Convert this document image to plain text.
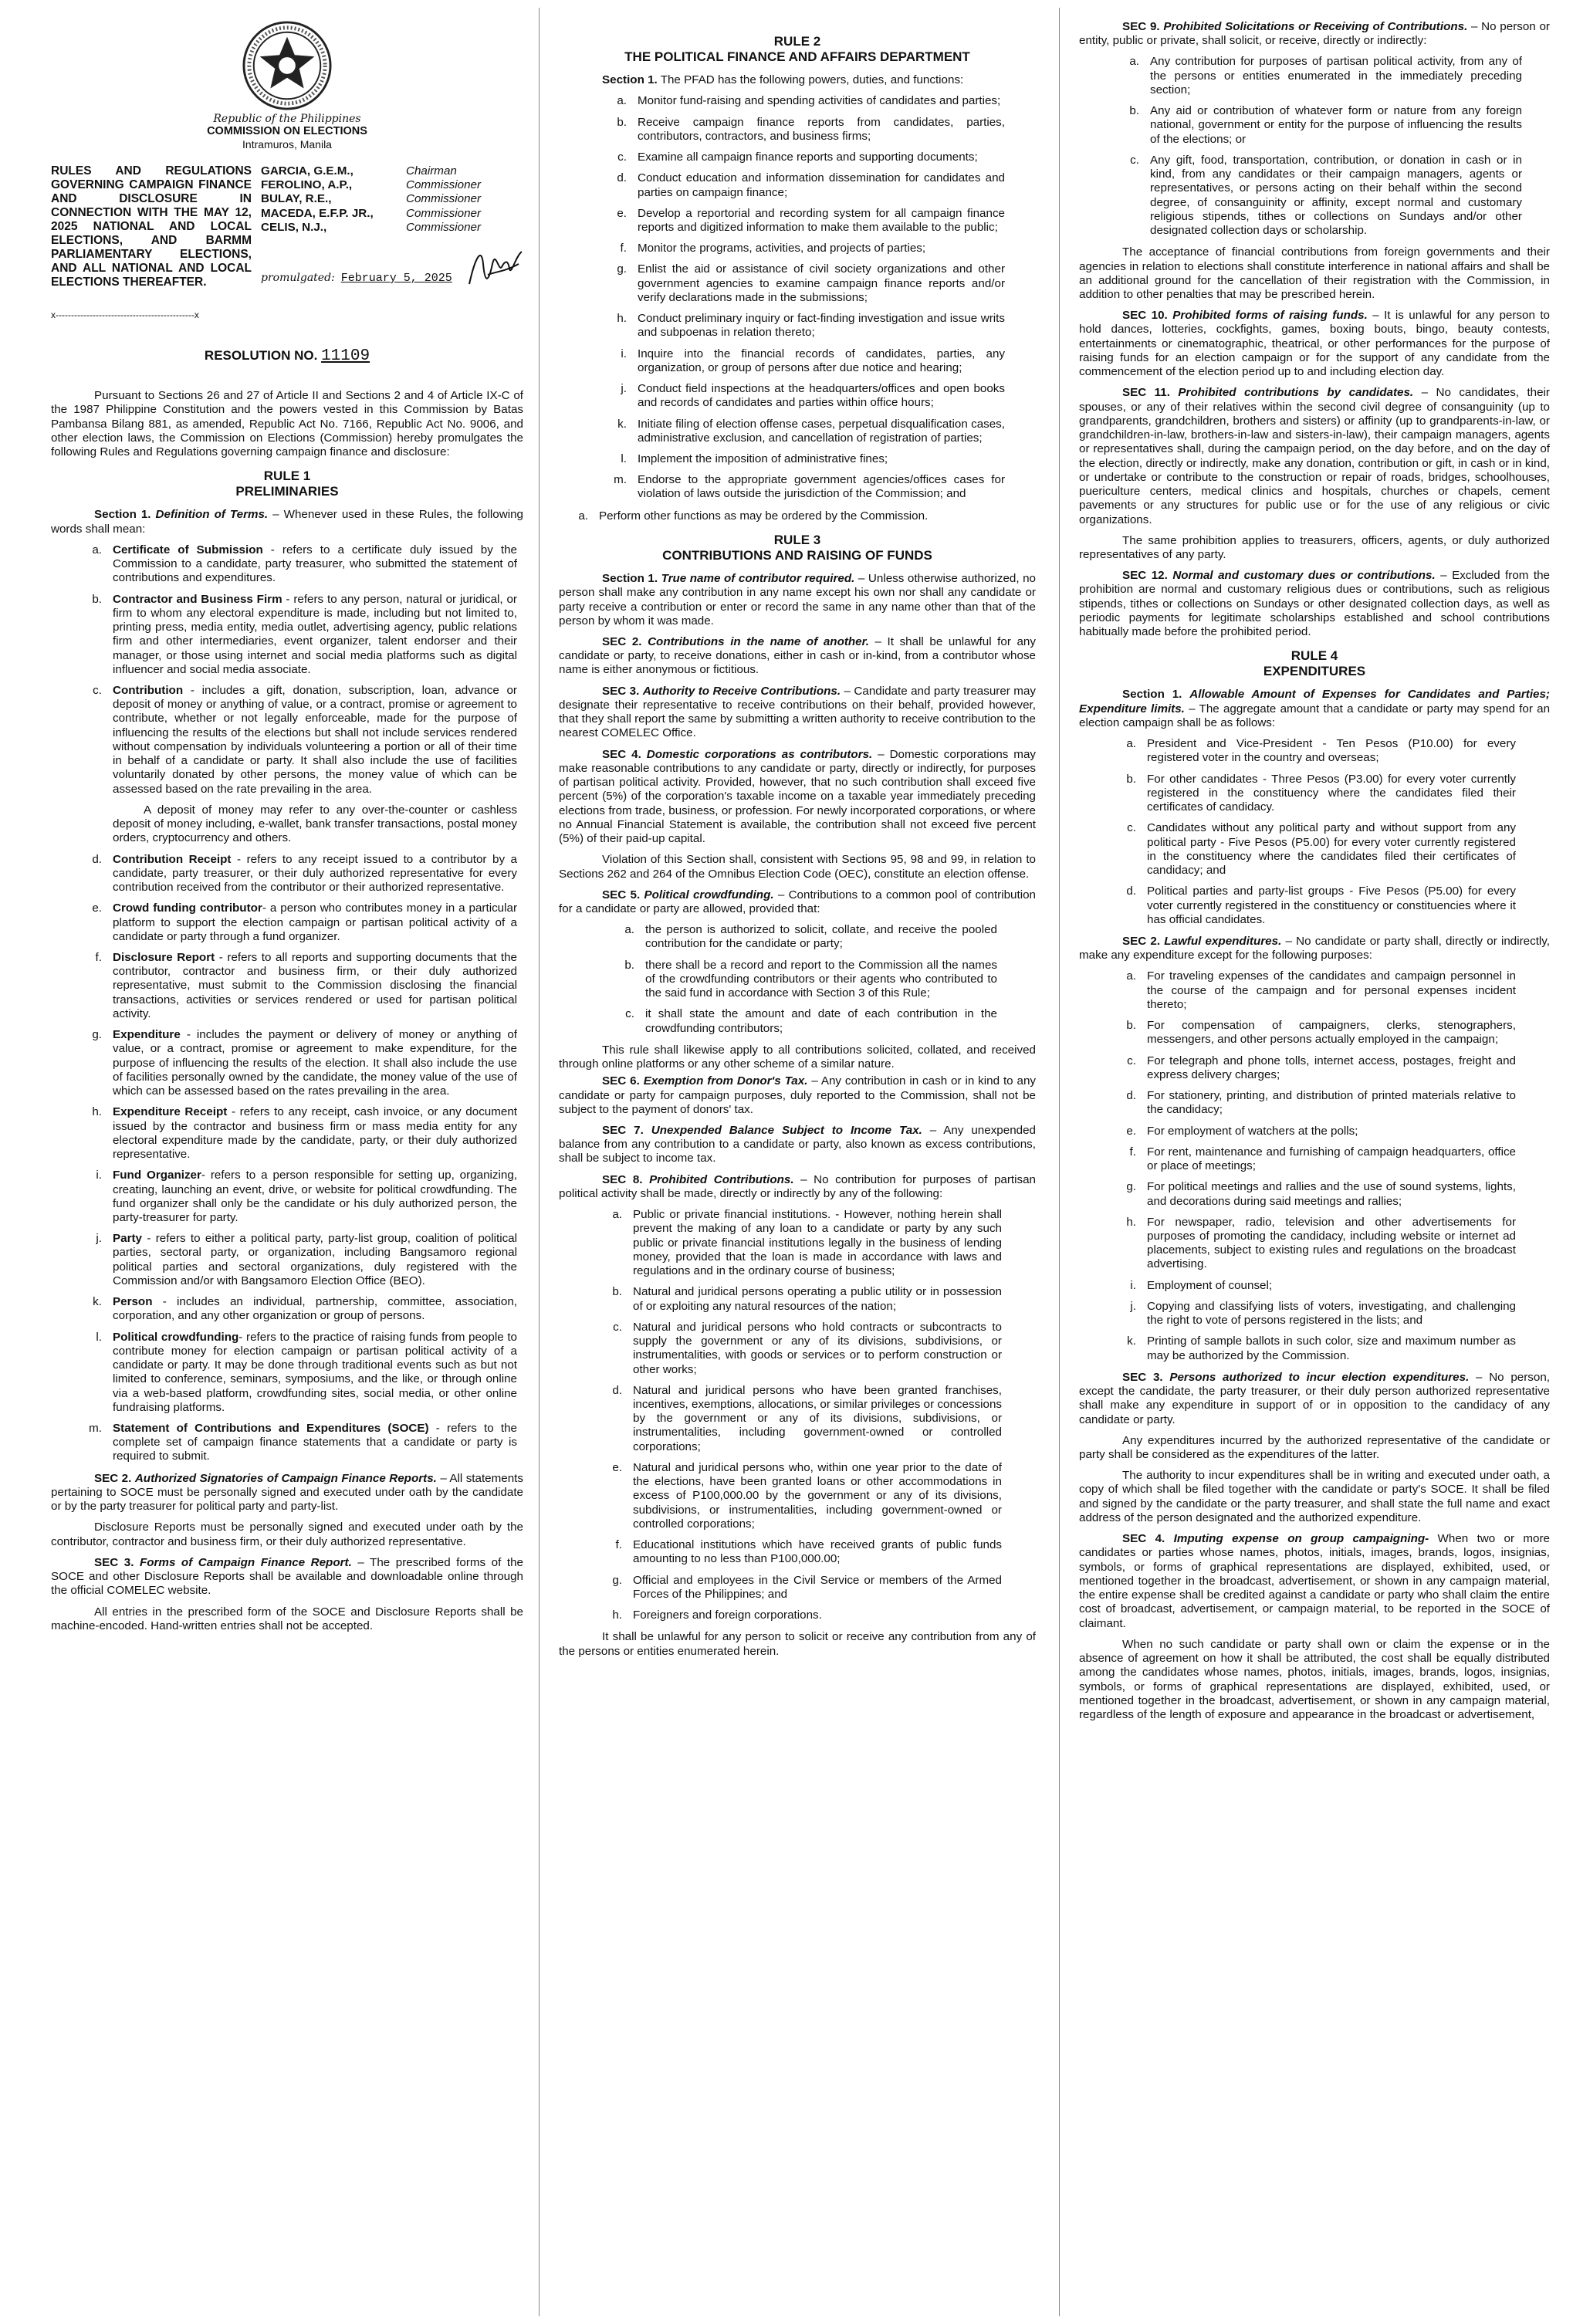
Republic of the Philippines
COMMISSION ON ELECTIONS
Intramuros, Manila
RULES AND REGULATIONS GOVERNING CAMPAIGN FINANCE AND DISCLOSURE IN CONNECTION WITH THE MAY 12, 2025 NATIONAL AND LOCAL ELECTIONS, AND BARMM PARLIAMENTARY ELECTIONS, AND ALL NATIONAL AND LOCAL ELECTIONS THEREAFTER.
GARCIA, G.E.M.,	Chairman
FEROLINO, A.P.,	Commissioner
BULAY, R.E.,	Commissioner
MACEDA, E.F.P. JR.,	Commissioner
CELIS, N.J.,	Commissioner
promulgated: February 5, 2025
x---------------------------------------------x
RESOLUTION NO. 11109

Pursuant to Sections 26 and 27 of Article II and Sections 2 and 4 of Article IX-C of the 1987 Philippine Constitution and the powers vested in this Commission by Batas Pambansa Bilang 881, as amended, Republic Act No. 7166, Republic Act No. 9006, and other election laws, the Commission on Elections (Commission) hereby promulgates the following Rules and Regulations governing campaign finance and disclosure:

RULE 1
PRELIMINARIES

Section 1. Definition of Terms. – Whenever used in these Rules, the following words shall mean:

a. Certificate of Submission - refers to a certificate duly issued by the Commission to a candidate, party treasurer, who submitted the statement of contributions and expenditures.
b. Contractor and Business Firm - refers to any person, natural or juridical, or firm to whom any electoral expenditure is made, including but not limited to, printing press, media entity, media outlet, advertising agency, public relations firm and other intermediaries, event organizer, talent endorser and their manager, or those using internet and social media platforms such as digital influencer and social media associate.
c. Contribution - includes a gift, donation, subscription, loan, advance or deposit of money or anything of value, or a contract, promise or agreement to contribute, whether or not legally enforceable, made for the purpose of influencing the results of the elections but shall not include services rendered without compensation by individuals volunteering a portion or all of their time in behalf of a candidate or party. It shall also include the use of facilities voluntarily donated by other persons, the money value of which can be assessed based on the rate prevailing in the area.
A deposit of money may refer to any over-the-counter or cashless deposit of money including, e-wallet, bank transfer transactions, postal money orders, cryptocurrency and others.
d. Contribution Receipt - refers to any receipt issued to a contributor by a candidate, party treasurer, or their duly authorized representative for every contribution received from the contributor or their authorized representative.
e. Crowd funding contributor- a person who contributes money in a particular platform to support the election campaign or partisan political activity of a candidate or party through a fund organizer.
f. Disclosure Report - refers to all reports and supporting documents that the contributor, contractor and business firm, or their duly authorized representative, must submit to the Commission disclosing the financial transactions, activities or services rendered or used for partisan political activity.
g. Expenditure - includes the payment or delivery of money or anything of value, or a contract, promise or agreement to make expenditure, for the purpose of influencing the results of the election. It shall also include the use of facilities personally owned by the candidate, the money value of the use of which can be assessed based on the rates prevailing in the area.
h. Expenditure Receipt - refers to any receipt, cash invoice, or any document issued by the contractor and business firm or mass media entity for any electoral expenditure made by the candidate, party, or their duly authorized representative.
i. Fund Organizer- refers to a person responsible for setting up, organizing, creating, launching an event, drive, or website for political crowdfunding. The fund organizer shall only be the candidate or his duly authorized person, the party-treasurer for party.
j. Party - refers to either a political party, party-list group, coalition of political parties, sectoral party, or organization, including Bangsamoro regional political parties and sectoral organizations, duly registered with the Commission and/or with Bangsamoro Election Office (BEO).
k. Person - includes an individual, partnership, committee, association, corporation, and any other organization or group of persons.
l. Political crowdfunding- refers to the practice of raising funds from people to contribute money for election campaign or partisan political activity of a candidate or party. It may be done through traditional events such as but not limited to conference, seminars, symposiums, and the like, or through online via a web-based platform, crowdfunding sites, social media, or other online fundraising platforms.
m. Statement of Contributions and Expenditures (SOCE) - refers to the complete set of campaign finance statements that a candidate or party is required to submit.

SEC 2. Authorized Signatories of Campaign Finance Reports. – All statements pertaining to SOCE must be personally signed and executed under oath by the candidate or by the party treasurer for political party and party-list.

Disclosure Reports must be personally signed and executed under oath by the contributor, contractor and business firm, or their duly authorized representative.

SEC 3. Forms of Campaign Finance Report. – The prescribed forms of the SOCE and other Disclosure Reports shall be available and downloadable online through the official COMELEC website.

All entries in the prescribed form of the SOCE and Disclosure Reports shall be machine-encoded. Hand-written entries shall not be accepted.

RULE 2
THE POLITICAL FINANCE AND AFFAIRS DEPARTMENT

Section 1. The PFAD has the following powers, duties, and functions:

a. Monitor fund-raising and spending activities of candidates and parties;
b. Receive campaign finance reports from candidates, parties, contributors, contractors, and business firms;
c. Examine all campaign finance reports and supporting documents;
d. Conduct education and information dissemination for candidates and parties on campaign finance;
e. Develop a reportorial and recording system for all campaign finance reports and digitized information to make them available to the public;
f. Monitor the programs, activities, and projects of parties;
g. Enlist the aid or assistance of civil society organizations and other government agencies to examine campaign finance reports and/or verify declarations made in the submissions;
h. Conduct preliminary inquiry or fact-finding investigation and issue writs and subpoenas in relation thereto;
i. Inquire into the financial records of candidates, parties, any organization, or group of persons after due notice and hearing;
j. Conduct field inspections at the headquarters/offices and open books and records of candidates and parties within office hours;
k. Initiate filing of election offense cases, perpetual disqualification cases, administrative exclusion, and cancellation of registration of parties;
l. Implement the imposition of administrative fines;
m. Endorse to the appropriate government agencies/offices cases for violation of laws outside the jurisdiction of the Commission; and
a. Perform other functions as may be ordered by the Commission.
RULE 3
CONTRIBUTIONS AND RAISING OF FUNDS

Section 1. True name of contributor required. – Unless otherwise authorized, no person shall make any contribution in any name except his own nor shall any candidate or party receive a contribution or enter or record the same in any name other than that of the person by whom it was made.

SEC 2. Contributions in the name of another. – It shall be unlawful for any candidate or party, to receive donations, either in cash or in-kind, from a contributor whose name is either anonymous or fictitious.

SEC 3. Authority to Receive Contributions. – Candidate and party treasurer may designate their representative to receive contributions on their behalf, provided however, that they shall report the same by submitting a written authority to receive contribution to the nearest COMELEC Office.

SEC 4. Domestic corporations as contributors. – Domestic corporations may make reasonable contributions to any candidate or party, directly or indirectly, for purposes of partisan political activity. Provided, however, that no such contribution shall exceed five percent (5%) of the corporation's taxable income on a taxable year immediately preceding elections from trade, business, or profession. For newly incorporated corporations, or where no Annual Financial Statement is available, the contribution shall not exceed five percent (5%) of their paid-up capital.

Violation of this Section shall, consistent with Sections 95, 98 and 99, in relation to Sections 262 and 264 of the Omnibus Election Code (OEC), constitute an election offense.

SEC 5. Political crowdfunding. – Contributions to a common pool of contribution for a candidate or party are allowed, provided that:

a. the person is authorized to solicit, collate, and receive the pooled contribution for the candidate or party;
b. there shall be a record and report to the Commission all the names of the crowdfunding contributors or their agents who contributed to the said fund in accordance with Section 3 of this Rule;
c. it shall state the amount and date of each contribution in the crowdfunding contributors;

This rule shall likewise apply to all contributions solicited, collated, and received through online platforms or any other scheme of a similar nature.

SEC 6. Exemption from Donor's Tax. – Any contribution in cash or in kind to any candidate or party for campaign purposes, duly reported to the Commission, shall not be subject to the payment of donors' tax.

SEC 7. Unexpended Balance Subject to Income Tax. – Any unexpended balance from any contribution to a candidate or party, also known as excess contributions, shall be subject to income tax.

SEC 8. Prohibited Contributions. – No contribution for purposes of partisan political activity shall be made, directly or indirectly by any of the following:

a. Public or private financial institutions. - However, nothing herein shall prevent the making of any loan to a candidate or party by any such public or private financial institutions legally in the business of lending money, provided that the loan is made in accordance with laws and regulations and in the ordinary course of business;
b. Natural and juridical persons operating a public utility or in possession of or exploiting any natural resources of the nation;
c. Natural and juridical persons who hold contracts or subcontracts to supply the government or any of its divisions, subdivisions, or instrumentalities, with goods or services or to perform construction or other works;
d. Natural and juridical persons who have been granted franchises, incentives, exemptions, allocations, or similar privileges or concessions by the government or any of its divisions, subdivisions, or instrumentalities, including government-owned or controlled corporations;
e. Natural and juridical persons who, within one year prior to the date of the elections, have been granted loans or other accommodations in excess of P100,000.00 by the government or any of its divisions, subdivisions, or instrumentalities, including government-owned or controlled corporations;
f. Educational institutions which have received grants of public funds amounting to no less than P100,000.00;
g. Official and employees in the Civil Service or members of the Armed Forces of the Philippines; and
h. Foreigners and foreign corporations.

It shall be unlawful for any person to solicit or receive any contribution from any of the persons or entities enumerated herein.

SEC 9. Prohibited Solicitations or Receiving of Contributions. – No person or entity, public or private, shall solicit, or receive, directly or indirectly:

a. Any contribution for purposes of partisan political activity, from any of the persons or entities enumerated in the immediately preceding section;
b. Any aid or contribution of whatever form or nature from any foreign national, government or entity for the purpose of influencing the results of the elections; or
c. Any gift, food, transportation, contribution, or donation in cash or in kind, from any candidates or their campaign managers, agents or representatives, or persons acting on their behalf within the second degree, of consanguinity or affinity, except normal and customary religious stipends, tithes or collections on Sundays and/or other designated collection days or scholarship.

The acceptance of financial contributions from foreign governments and their agencies in relation to elections shall constitute interference in national affairs and shall be an additional ground for the cancellation of their registration with the Commission, in addition to other penalties that may be prescribed herein.

SEC 10. Prohibited forms of raising funds. – It is unlawful for any person to hold dances, lotteries, cockfights, games, boxing bouts, bingo, beauty contests, entertainments or cinematographic, theatrical, or other performances for the purpose of raising funds for an election campaign or for the support of any candidate from the commencement of the election period up to and including election day.

SEC 11. Prohibited contributions by candidates. – No candidates, their spouses, or any of their relatives within the second civil degree of consanguinity (up to grandparents, grandchildren, brothers and sisters) or affinity (up to grandparents-in-law, or grandchildren-in-law, brothers-in-law and sisters-in-law), their campaign managers, agents or representatives shall, during the campaign period, on the day before, and on the day of the election, directly or indirectly, make any donation, contribution or gift, in cash or in kind, or undertake or contribute to the construction or repair of roads, bridges, schoolhouses, puericulture centers, medical clinics and hospitals, churches or chapels, cement pavements or any structures for public use or for the use of any religious or civic organizations.

The same prohibition applies to treasurers, officers, agents, or duly authorized representatives of any party.

SEC 12. Normal and customary dues or contributions. – Excluded from the prohibition are normal and customary religious dues or contributions, such as religious stipends, tithes or collections on Sundays or other designated collection days, as well as periodic payments for legitimate scholarships established and school contributions habitually made before the prohibited period.

RULE 4
EXPENDITURES

Section 1. Allowable Amount of Expenses for Candidates and Parties; Expenditure limits. – The aggregate amount that a candidate or party may spend for an election campaign shall be as follows:

a. President and Vice-President - Ten Pesos (P10.00) for every registered voter in the country and overseas;
b. For other candidates - Three Pesos (P3.00) for every voter currently registered in the constituency where the candidates filed their certificates of candidacy.
c. Candidates without any political party and without support from any political party - Five Pesos (P5.00) for every voter currently registered in the constituency where the candidates filed their certificates of candidacy; and
d. Political parties and party-list groups - Five Pesos (P5.00) for every voter currently registered in the constituency or constituencies where it has official candidates.

SEC 2. Lawful expenditures. – No candidate or party shall, directly or indirectly, make any expenditure except for the following purposes:

a. For traveling expenses of the candidates and campaign personnel in the course of the campaign and for personal expenses incident thereto;
b. For compensation of campaigners, clerks, stenographers, messengers, and other persons actually employed in the campaign;
c. For telegraph and phone tolls, internet access, postages, freight and express delivery charges;
d. For stationery, printing, and distribution of printed materials relative to the candidacy;
e. For employment of watchers at the polls;
f. For rent, maintenance and furnishing of campaign headquarters, office or place of meetings;
g. For political meetings and rallies and the use of sound systems, lights, and decorations during said meetings and rallies;
h. For newspaper, radio, television and other advertisements for purposes of promoting the candidacy, including website or internet ad placements, subject to existing rules and regulations on the broadcast advertising.
i. Employment of counsel;
j. Copying and classifying lists of voters, investigating, and challenging the right to vote of persons registered in the lists; and
k. Printing of sample ballots in such color, size and maximum number as may be authorized by the Commission.

SEC 3. Persons authorized to incur election expenditures. – No person, except the candidate, the party treasurer, or their duly person authorized representative shall make any expenditure in support of or in opposition to the candidacy of any candidate or party.

Any expenditures incurred by the authorized representative of the candidate or party shall be considered as the expenditures of the latter.

The authority to incur expenditures shall be in writing and executed under oath, a copy of which shall be filed together with the candidate or party's SOCE. It shall be filed and signed by the candidate or the party treasurer, and shall state the full name and exact address of the person designated and the authorized expenditure.

SEC 4. Imputing expense on group campaigning- When two or more candidates or parties whose names, photos, initials, images, brands, logos, insignias, symbols, or forms of graphical representations are displayed, exhibited, used, or mentioned together in the broadcast, advertisement, or shown in any campaign material, the entire expense shall be credited against a candidate or party who shall claim the entire cost of broadcast, advertisement, or campaign material, to be reported in the SOCE of claimant.

When no such candidate or party shall own or claim the expense or in the absence of agreement on how it shall be attributed, the cost shall be equally distributed among the candidates whose names, photos, initials, images, brands, logos, insignias, symbols, or forms of graphical representations are displayed, exhibited, used, or mentioned together in the broadcast, advertisement, or shown in any campaign material, regardless of the length of exposure and appearance in the broadcast or advertisement,
